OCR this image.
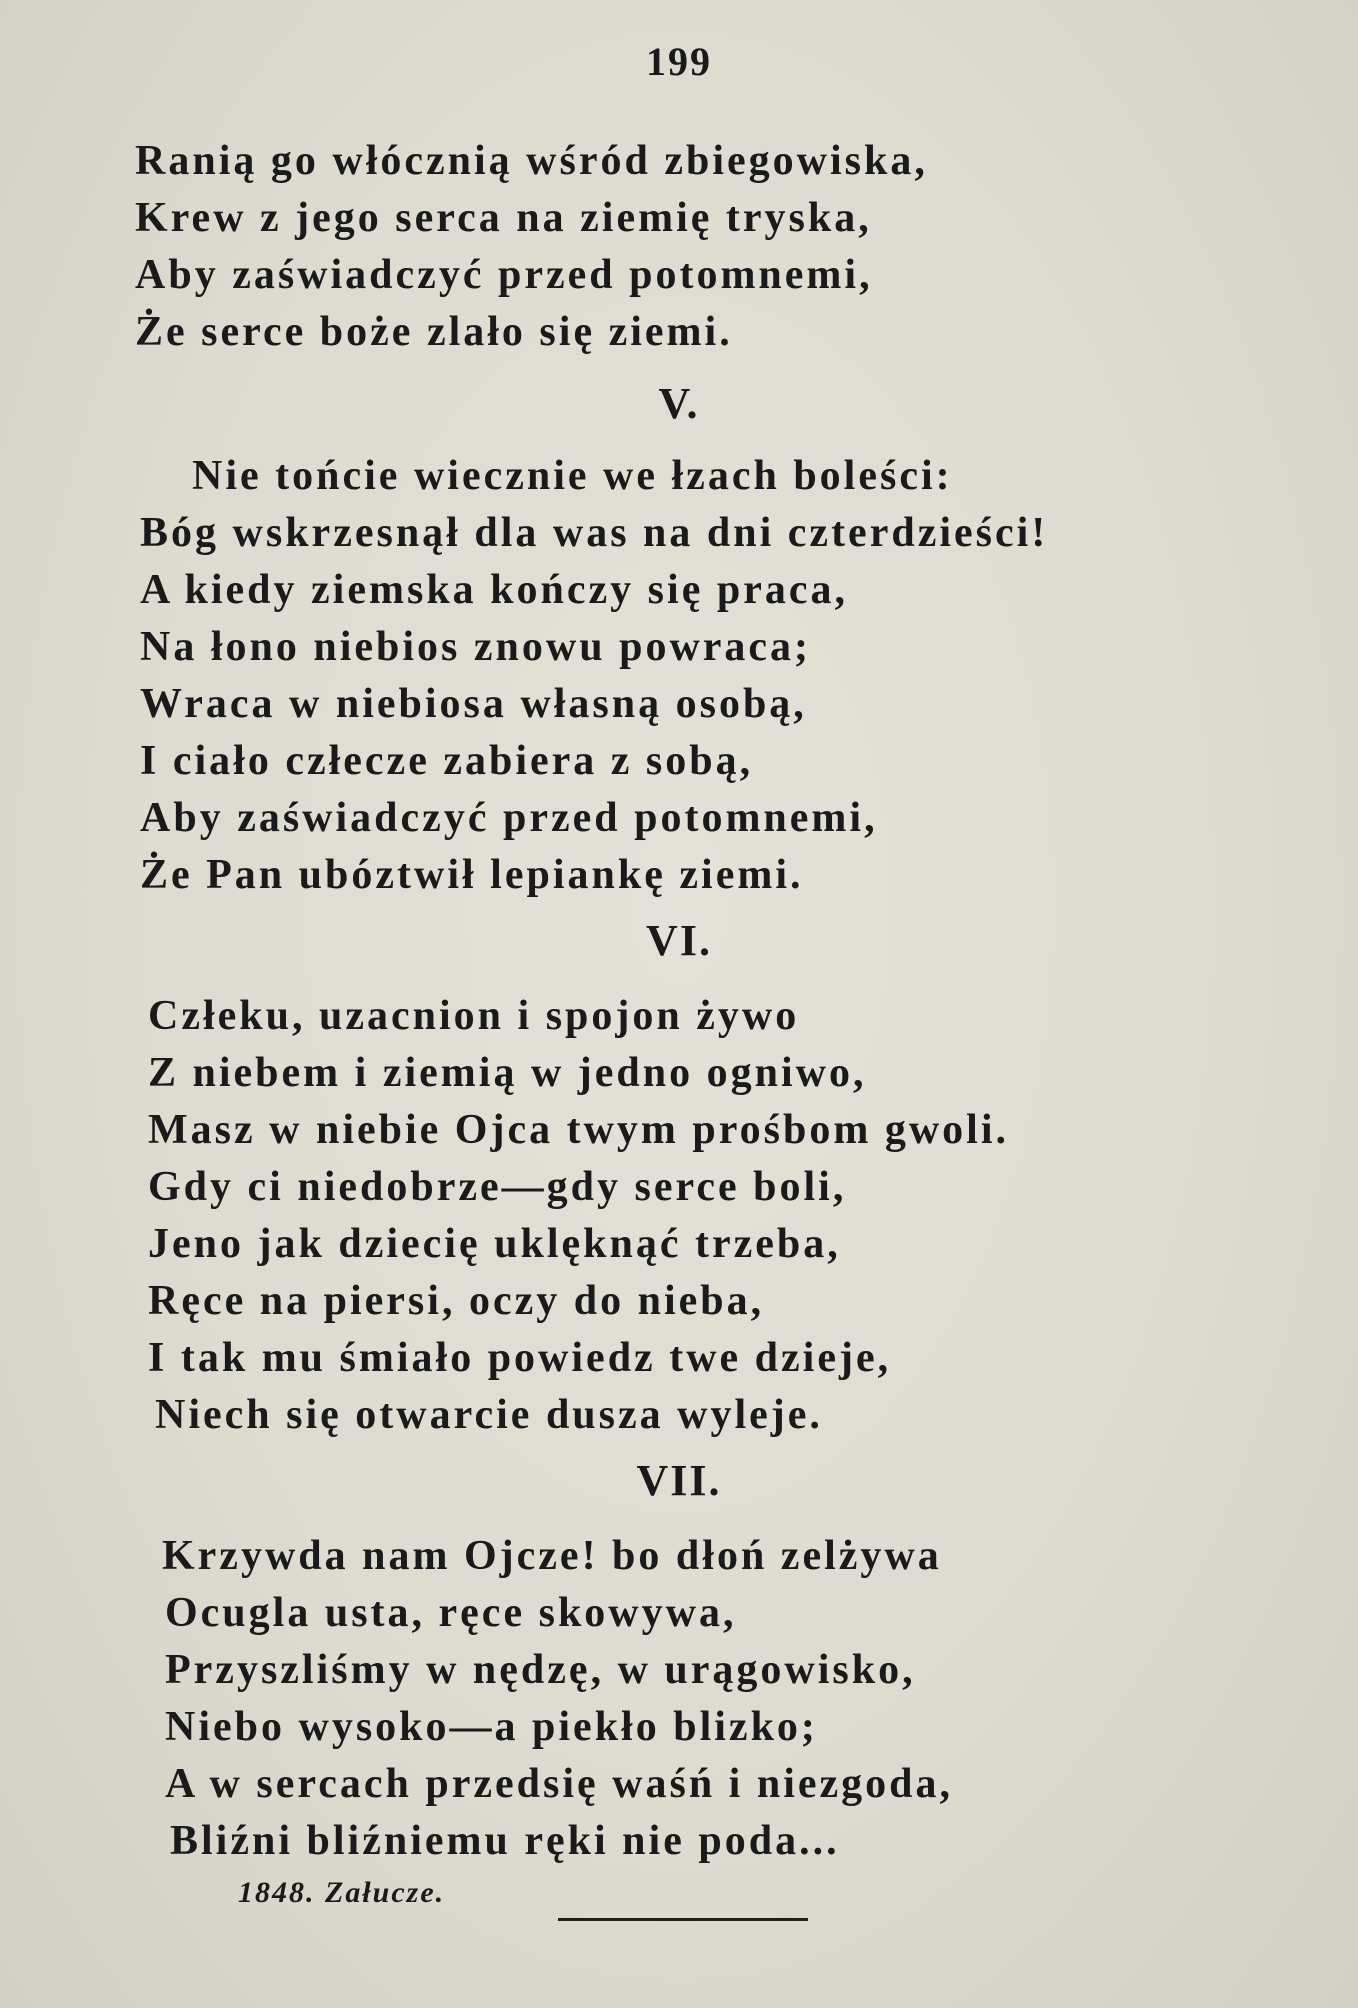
199
Ranią go włócznią wśród zbiegowiska,
Krew z jego serca na ziemię tryska,
Aby zaświadczyć przed potomnemi,
Że serce boże zlało się ziemi.
V.
Nie tońcie wiecznie we łzach boleści:
Bóg wskrzesnął dla was na dni czterdzieści!
A kiedy ziemska kończy się praca,
Na łono niebios znowu powraca;
Wraca w niebiosa własną osobą,
I ciało człecze zabiera z sobą,
Aby zaświadczyć przed potomnemi,
Że Pan ubóztwił lepiankę ziemi.
VI.
Człeku, uzacnion i spojon żywo
Z niebem i ziemią w jedno ogniwo,
Masz w niebie Ojca twym prośbom gwoli.
Gdy ci niedobrze—gdy serce boli,
Jeno jak dziecię uklęknąć trzeba,
Ręce na piersi, oczy do nieba,
I tak mu śmiało powiedz twe dzieje,
Niech się otwarcie dusza wyleje.
VII.
Krzywda nam Ojcze! bo dłoń zelżywa
Ocugla usta, ręce skowywa,
Przyszliśmy w nędzę, w urągowisko,
Niebo wysoko—a piekło blizko;
A w sercach przedsię waśń i niezgoda,
Bliźni bliźniemu ręki nie poda...
1848. Załucze.
